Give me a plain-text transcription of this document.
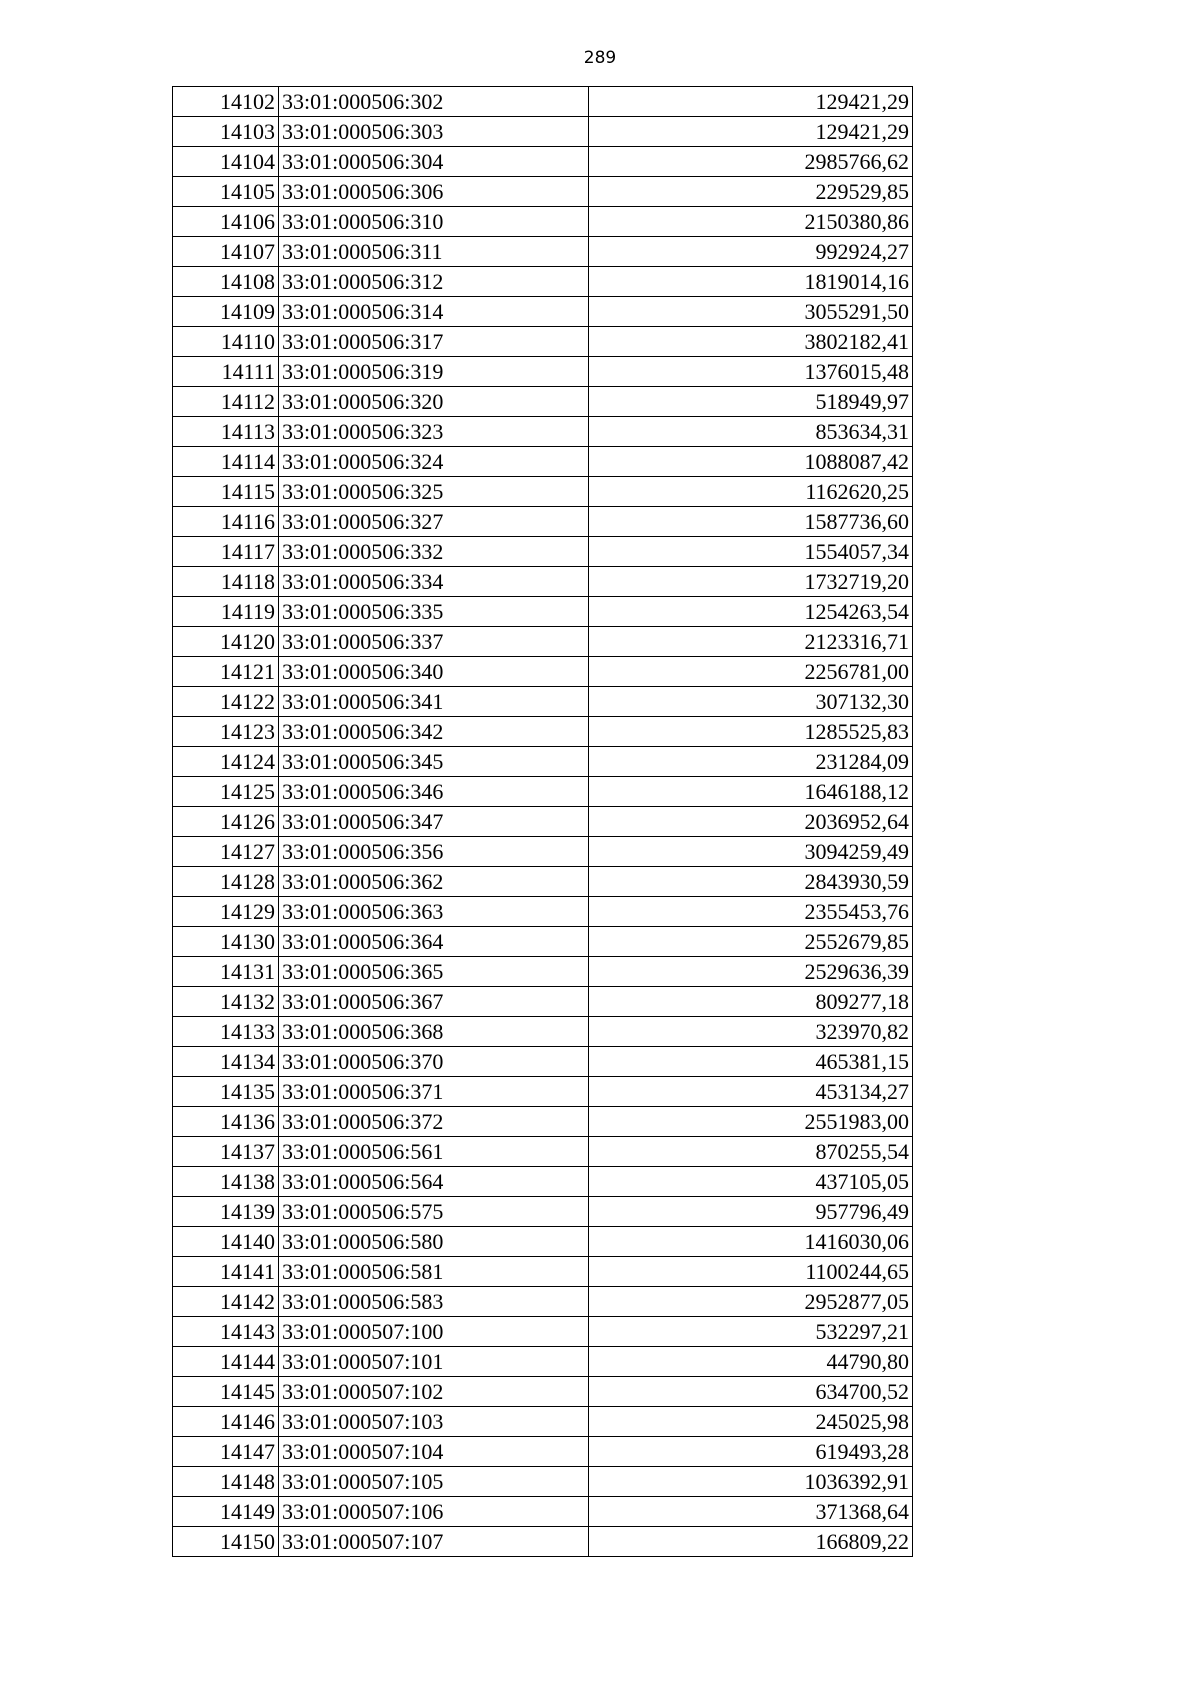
289
14102	33:01:000506:302	129421,29
14103	33:01:000506:303	129421,29
14104	33:01:000506:304	2985766,62
14105	33:01:000506:306	229529,85
14106	33:01:000506:310	2150380,86
14107	33:01:000506:311	992924,27
14108	33:01:000506:312	1819014,16
14109	33:01:000506:314	3055291,50
14110	33:01:000506:317	3802182,41
14111	33:01:000506:319	1376015,48
14112	33:01:000506:320	518949,97
14113	33:01:000506:323	853634,31
14114	33:01:000506:324	1088087,42
14115	33:01:000506:325	1162620,25
14116	33:01:000506:327	1587736,60
14117	33:01:000506:332	1554057,34
14118	33:01:000506:334	1732719,20
14119	33:01:000506:335	1254263,54
14120	33:01:000506:337	2123316,71
14121	33:01:000506:340	2256781,00
14122	33:01:000506:341	307132,30
14123	33:01:000506:342	1285525,83
14124	33:01:000506:345	231284,09
14125	33:01:000506:346	1646188,12
14126	33:01:000506:347	2036952,64
14127	33:01:000506:356	3094259,49
14128	33:01:000506:362	2843930,59
14129	33:01:000506:363	2355453,76
14130	33:01:000506:364	2552679,85
14131	33:01:000506:365	2529636,39
14132	33:01:000506:367	809277,18
14133	33:01:000506:368	323970,82
14134	33:01:000506:370	465381,15
14135	33:01:000506:371	453134,27
14136	33:01:000506:372	2551983,00
14137	33:01:000506:561	870255,54
14138	33:01:000506:564	437105,05
14139	33:01:000506:575	957796,49
14140	33:01:000506:580	1416030,06
14141	33:01:000506:581	1100244,65
14142	33:01:000506:583	2952877,05
14143	33:01:000507:100	532297,21
14144	33:01:000507:101	44790,80
14145	33:01:000507:102	634700,52
14146	33:01:000507:103	245025,98
14147	33:01:000507:104	619493,28
14148	33:01:000507:105	1036392,91
14149	33:01:000507:106	371368,64
14150	33:01:000507:107	166809,22
